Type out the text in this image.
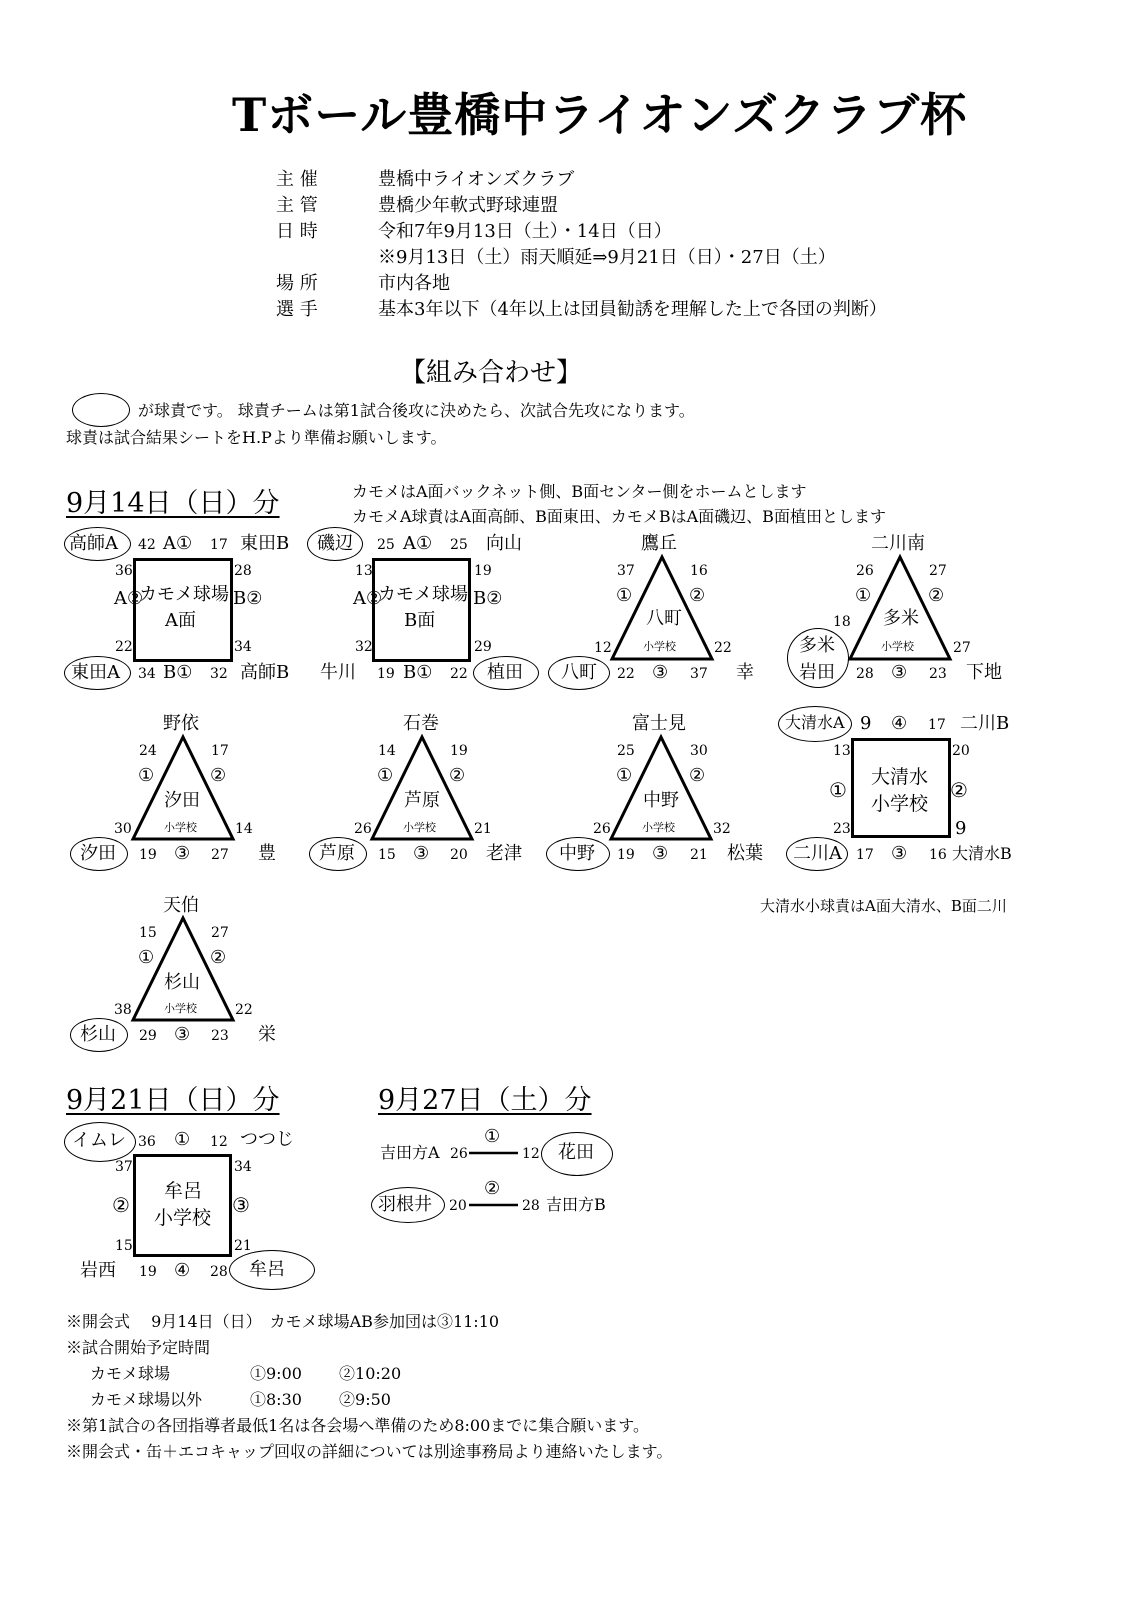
Tボール豊橋中ライオンズクラブ杯
主 催	豊橋中ライオンズクラブ
主 管	豊橋少年軟式野球連盟
日 時	令和7年9月13日（土）・14日（日）
※9月13日（土）雨天順延⇒9月21日（日）・27日（土）
場 所	市内各地
選 手	基本3年以下（4年以上は団員勧誘を理解した上で各団の判断）
【組み合わせ】
が球責です。 球責チームは第1試合後攻に決めたら、次試合先攻になります。
球責は試合結果シートをH.Pより準備お願いします。
9月14日（日）分	カモメはA面バックネット側、B面センター側をホームとします
カモメA球責はA面高師、B面東田、カモメBはA面磯辺、B面植田とします
高師A 42 A① 17 東田B
36	28
A②	B②
カモメ球場
A面
22	34
東田A 34 B① 32 高師B
磯辺 25 A① 25 向山
13	19
A②	B②
カモメ球場
B面
32	29
牛川 19 B① 22 植田
鷹丘
37	16
①	②
八町
小学校
12	22
八町 22 ③ 37 幸
二川南
26	27
①	②
18 多米
小学校	27
多米
岩田 28 ③ 23 下地
野依
24	17
①	②
汐田
小学校
30	14
汐田 19 ③ 27 豊
石巻
14	19
①	②
芦原
小学校
26	21
芦原 15 ③ 20 老津
富士見
25	30
①	②
中野
小学校
26	32
中野 19 ③ 21 松葉
大清水A 9 ④ 17 二川B
13	20
①	②
大清水
小学校
23	9
二川A 17 ③ 16 大清水B
大清水小球責はA面大清水、B面二川
天伯
15	27
①	②
杉山
小学校
38	22
杉山 29 ③ 23 栄
9月21日（日）分
イムレ 36 ① 12 つつじ
37	34
②	③
牟呂
小学校
15	21
岩西 19 ④ 28 牟呂
9月27日（土）分
吉田方A 26
①
12 花田
羽根井 20
②
28 吉田方B
※開会式　 9月14日（日）　カモメ球場AB参加団は③11:10
※試合開始予定時間
カモメ球場　　　　　①9:00　　 ②10:20
カモメ球場以外　　　①8:30　　 ②9:50
※第1試合の各団指導者最低1名は各会場へ準備のため8:00までに集合願います。
※開会式・缶＋エコキャップ回収の詳細については別途事務局より連絡いたします。
